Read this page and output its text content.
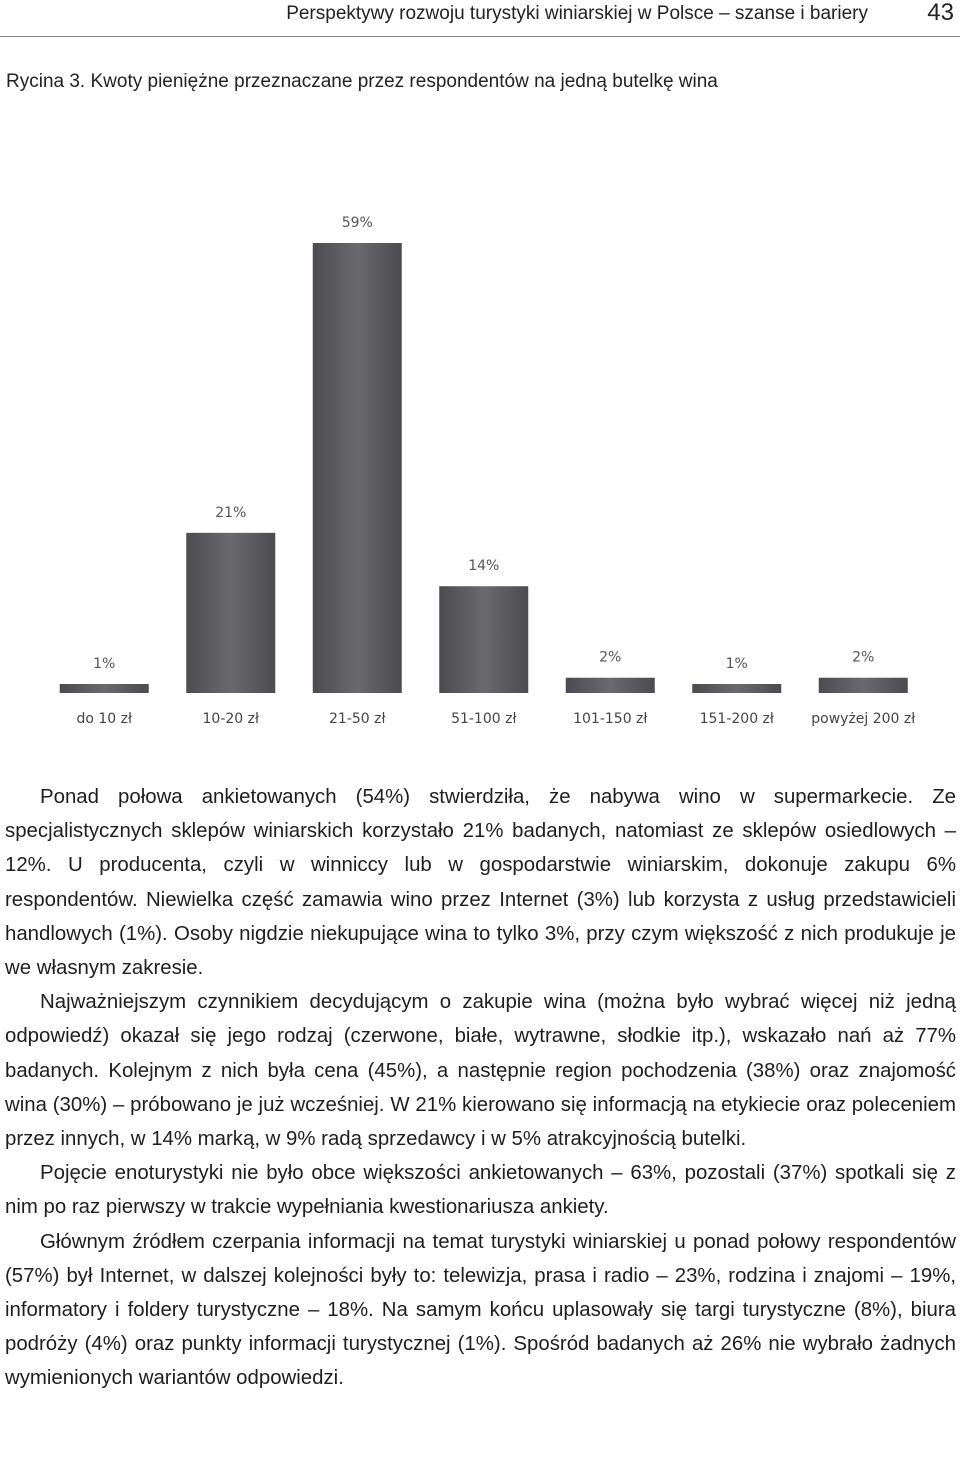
Perspektywy rozwoju turystyki winiarskiej w Polsce – szanse i bariery 43
Rycina 3. Kwoty pieniężne przeznaczane przez respondentów na jedną butelkę wina
1%
do 10 zł
21%
10-20 zł
59%
21-50 zł
14%
51-100 zł
2%
101-150 zł
1%
151-200 zł
2%
powyżej 200 zł

Ponad połowa ankietowanych (54%) stwierdziła, że nabywa wino w supermarkecie. Ze specjalistycznych sklepów winiarskich korzystało 21% badanych, natomiast ze sklepów osiedlowych – 12%. U producenta, czyli w winniccy lub w gospodarstwie winiarskim, dokonuje zakupu 6% respondentów. Niewielka część zamawia wino przez Internet (3%) lub korzysta z usług przedstawicieli handlowych (1%). Osoby nigdzie niekupujące wina to tylko 3%, przy czym większość z nich produkuje je we własnym zakresie.

Najważniejszym czynnikiem decydującym o zakupie wina (można było wybrać więcej niż jedną odpowiedź) okazał się jego rodzaj (czerwone, białe, wytrawne, słodkie itp.), wskazało nań aż 77% badanych. Kolejnym z nich była cena (45%), a następnie region pochodzenia (38%) oraz znajomość wina (30%) – próbowano je już wcześniej. W 21% kierowano się informacją na etykiecie oraz poleceniem przez innych, w 14% marką, w 9% radą sprzedawcy i w 5% atrakcyjnością butelki.

Pojęcie enoturystyki nie było obce większości ankietowanych – 63%, pozostali (37%) spotkali się z nim po raz pierwszy w trakcie wypełniania kwestionariusza ankiety.

Głównym źródłem czerpania informacji na temat turystyki winiarskiej u ponad połowy respondentów (57%) był Internet, w dalszej kolejności były to: telewizja, prasa i radio – 23%, rodzina i znajomi – 19%, informatory i foldery turystyczne – 18%. Na samym końcu uplasowały się targi turystyczne (8%), biura podróży (4%) oraz punkty informacji turystycznej (1%). Spośród badanych aż 26% nie wybrało żadnych wymienionych wariantów odpowiedzi.
